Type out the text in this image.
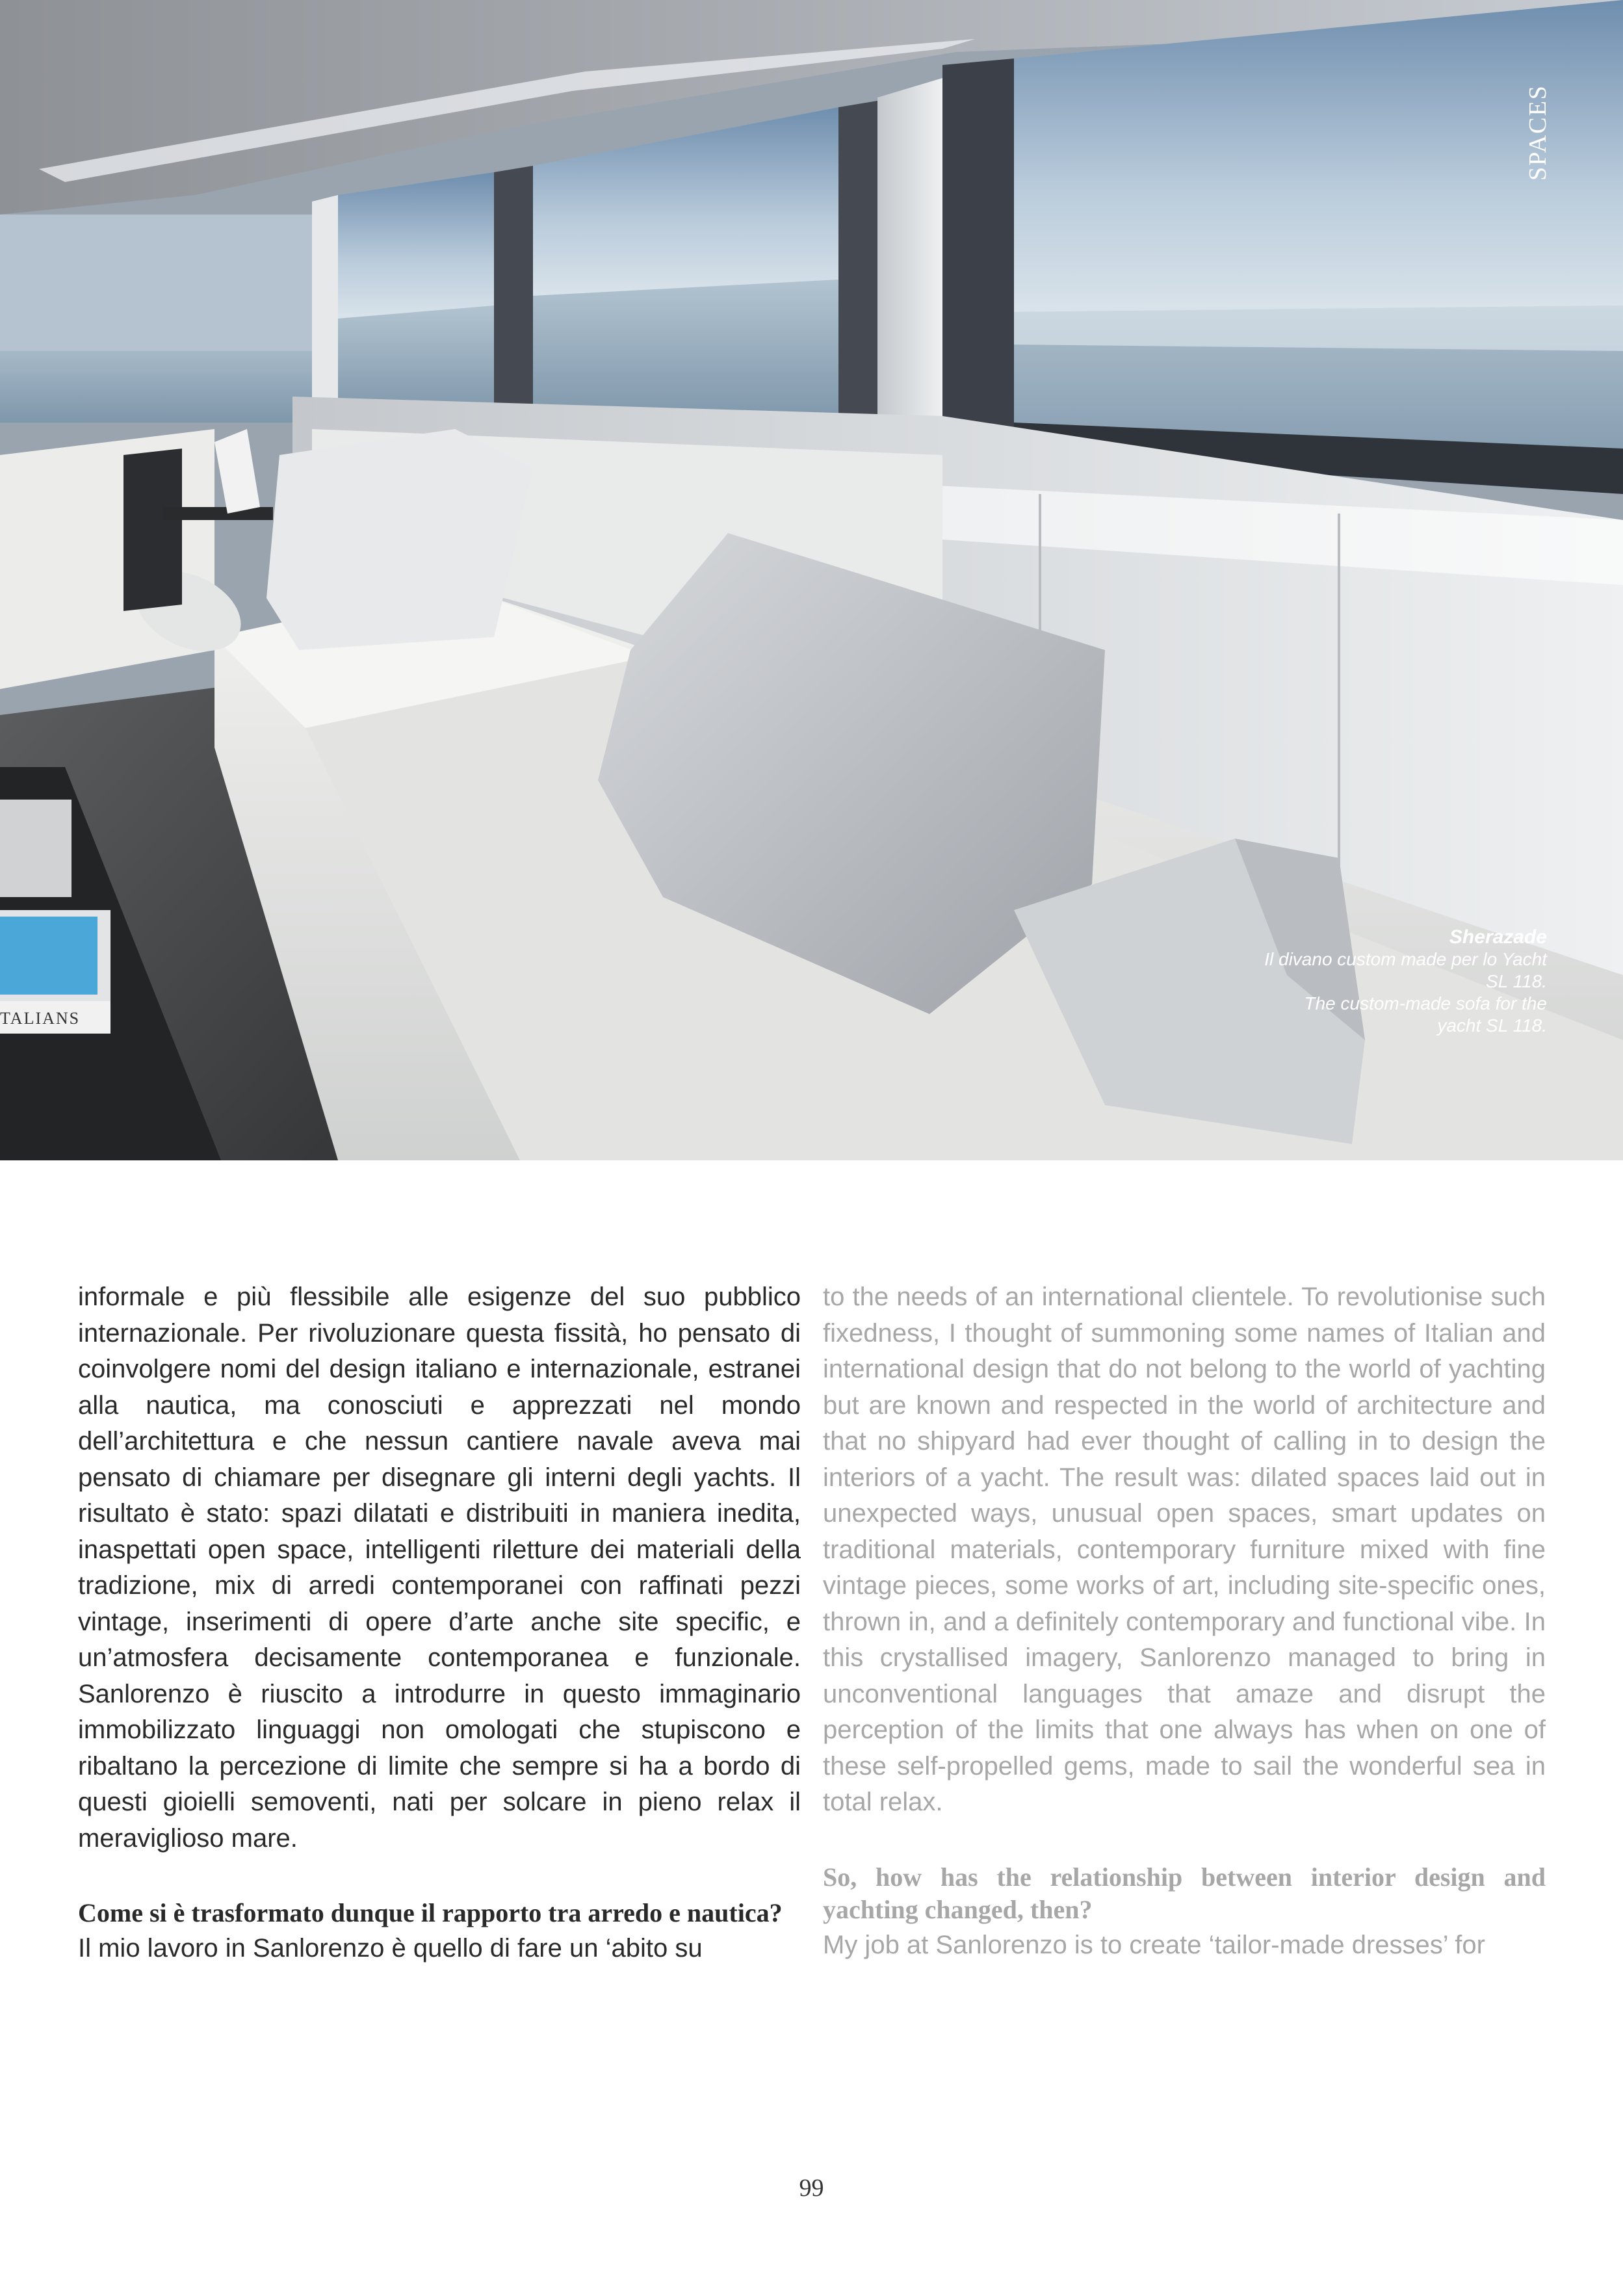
SPACES
TALIANS
Sherazade
Il divano custom made per lo Yacht
SL 118.
The custom-made sofa for the
yacht SL 118.

informale e più flessibile alle esigenze del suo pubblico internazionale. Per rivoluzionare questa fissità, ho pensato di coinvolgere nomi del design italiano e internazionale, estranei alla nautica, ma conosciuti e apprezzati nel mondo dell’architettura e che nessun cantiere navale aveva mai pensato di chiamare per disegnare gli interni degli yachts. Il risultato è stato: spazi dilatati e distribuiti in maniera inedita, inaspettati open space, intelligenti riletture dei materiali della tradizione, mix di arredi contemporanei con raffinati pezzi vintage, inserimenti di opere d’arte anche site specific, e un’atmosfera decisamente contemporanea e funzionale. Sanlorenzo è riuscito a introdurre in questo immaginario immobilizzato linguaggi non omologati che stupiscono e ribaltano la percezione di limite che sempre si ha a bordo di questi gioielli semoventi, nati per solcare in pieno relax il meraviglioso mare.

Come si è trasformato dunque il rapporto tra arredo e nautica?

Il mio lavoro in Sanlorenzo è quello di fare un ‘abito su

to the needs of an international clientele. To revolutionise such fixedness, I thought of summoning some names of Italian and international design that do not belong to the world of yachting but are known and respected in the world of architecture and that no shipyard had ever thought of calling in to design the interiors of a yacht. The result was: dilated spaces laid out in unexpected ways, unusual open spaces, smart updates on traditional materials, contemporary furniture mixed with fine vintage pieces, some works of art, including site-specific ones, thrown in, and a definitely contemporary and functional vibe. In this crystallised imagery, Sanlorenzo managed to bring in unconventional languages that amaze and disrupt the perception of the limits that one always has when on one of these self-propelled gems, made to sail the wonderful sea in total relax.

So, how has the relationship between interior design and yachting changed, then?

My job at Sanlorenzo is to create ‘tailor-made dresses’ for

99
